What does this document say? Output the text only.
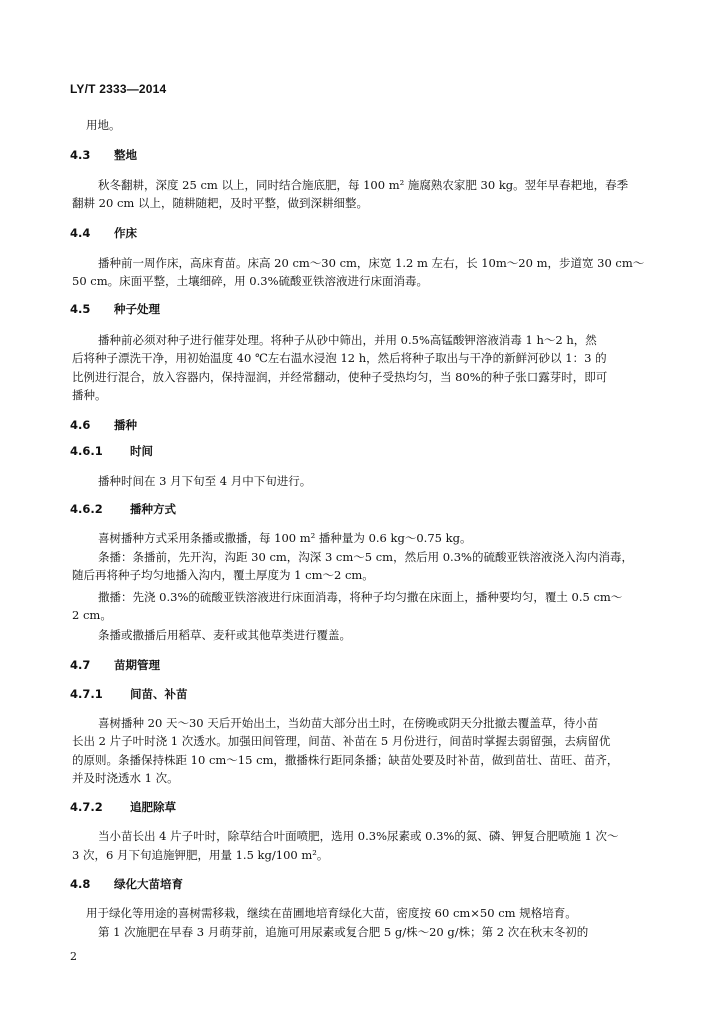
LY/T 2333—2014
用地。
4.3 整地
秋冬翻耕，深度 25 cm 以上，同时结合施底肥，每 100 m² 施腐熟农家肥 30 kg。翌年早春耙地，春季
翻耕 20 cm 以上，随耕随耙，及时平整，做到深耕细整。
4.4 作床
播种前一周作床，高床育苗。床高 20 cm～30 cm，床宽 1.2 m 左右，长 10m～20 m，步道宽 30 cm～
50 cm。床面平整，土壤细碎，用 0.3%硫酸亚铁溶液进行床面消毒。
4.5 种子处理
播种前必须对种子进行催芽处理。将种子从砂中筛出，并用 0.5%高锰酸钾溶液消毒 1 h～2 h，然
后将种子漂洗干净，用初始温度 40 ℃左右温水浸泡 12 h，然后将种子取出与干净的新鲜河砂以 1：3 的
比例进行混合，放入容器内，保持湿润，并经常翻动，使种子受热均匀，当 80%的种子张口露芽时，即可
播种。
4.6 播种
4.6.1 时间
播种时间在 3 月下旬至 4 月中下旬进行。
4.6.2 播种方式
喜树播种方式采用条播或撒播，每 100 m² 播种量为 0.6 kg～0.75 kg。
条播：条播前，先开沟，沟距 30 cm，沟深 3 cm～5 cm，然后用 0.3%的硫酸亚铁溶液浇入沟内消毒，
随后再将种子均匀地播入沟内，覆土厚度为 1 cm～2 cm。
撒播：先浇 0.3%的硫酸亚铁溶液进行床面消毒，将种子均匀撒在床面上，播种要均匀，覆土 0.5 cm～
2 cm。
条播或撒播后用稻草、麦秆或其他草类进行覆盖。
4.7 苗期管理
4.7.1 间苗、补苗
喜树播种 20 天～30 天后开始出土，当幼苗大部分出土时，在傍晚或阴天分批撤去覆盖草，待小苗
长出 2 片子叶时浇 1 次透水。加强田间管理，间苗、补苗在 5 月份进行，间苗时掌握去弱留强，去病留优
的原则。条播保持株距 10 cm～15 cm，撒播株行距同条播；缺苗处要及时补苗，做到苗壮、苗旺、苗齐，
并及时浇透水 1 次。
4.7.2 追肥除草
当小苗长出 4 片子叶时，除草结合叶面喷肥，选用 0.3%尿素或 0.3%的氮、磷、钾复合肥喷施 1 次～
3 次，6 月下旬追施钾肥，用量 1.5 kg/100 m²。
4.8 绿化大苗培育
用于绿化等用途的喜树需移栽，继续在苗圃地培育绿化大苗，密度按 60 cm×50 cm 规格培育。
第 1 次施肥在早春 3 月萌芽前，追施可用尿素或复合肥 5 g/株～20 g/株；第 2 次在秋末冬初的
2
